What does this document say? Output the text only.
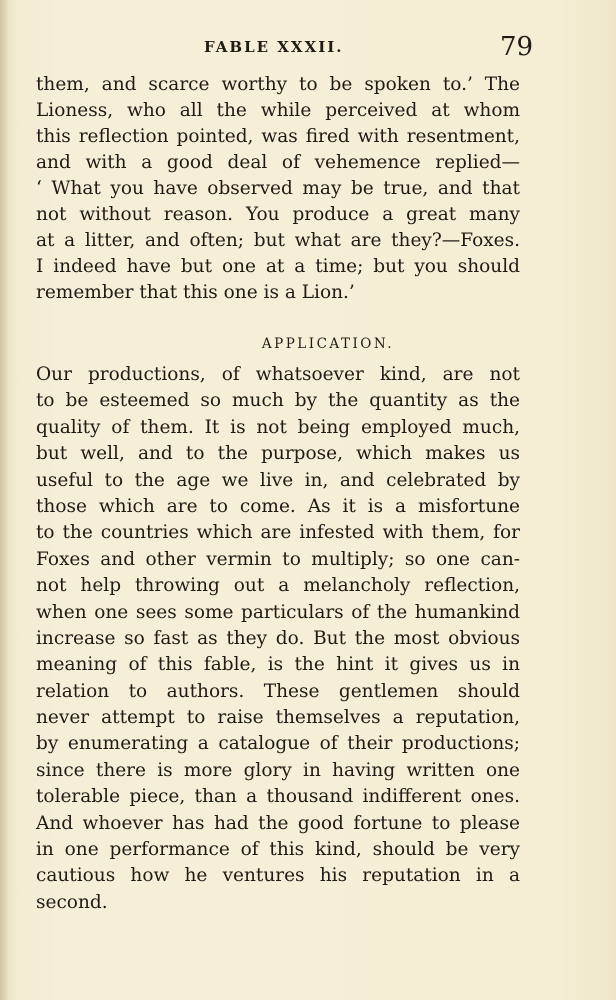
FABLE XXXII.	79
them, and scarce worthy to be spoken to.’ The
Lioness, who all the while perceived at whom
this reflection pointed, was fired with resentment,
and with a good deal of vehemence replied—
‘ What you have observed may be true, and that
not without reason. You produce a great many
at a litter, and often; but what are they?—Foxes.
I indeed have but one at a time; but you should
remember that this one is a Lion.’
APPLICATION.
Our productions, of whatsoever kind, are not
to be esteemed so much by the quantity as the
quality of them. It is not being employed much,
but well, and to the purpose, which makes us
useful to the age we live in, and celebrated by
those which are to come. As it is a misfortune
to the countries which are infested with them, for
Foxes and other vermin to multiply; so one can-
not help throwing out a melancholy reflection,
when one sees some particulars of the humankind
increase so fast as they do. But the most obvious
meaning of this fable, is the hint it gives us in
relation to authors. These gentlemen should
never attempt to raise themselves a reputation,
by enumerating a catalogue of their productions;
since there is more glory in having written one
tolerable piece, than a thousand indifferent ones.
And whoever has had the good fortune to please
in one performance of this kind, should be very
cautious how he ventures his reputation in a
second.
